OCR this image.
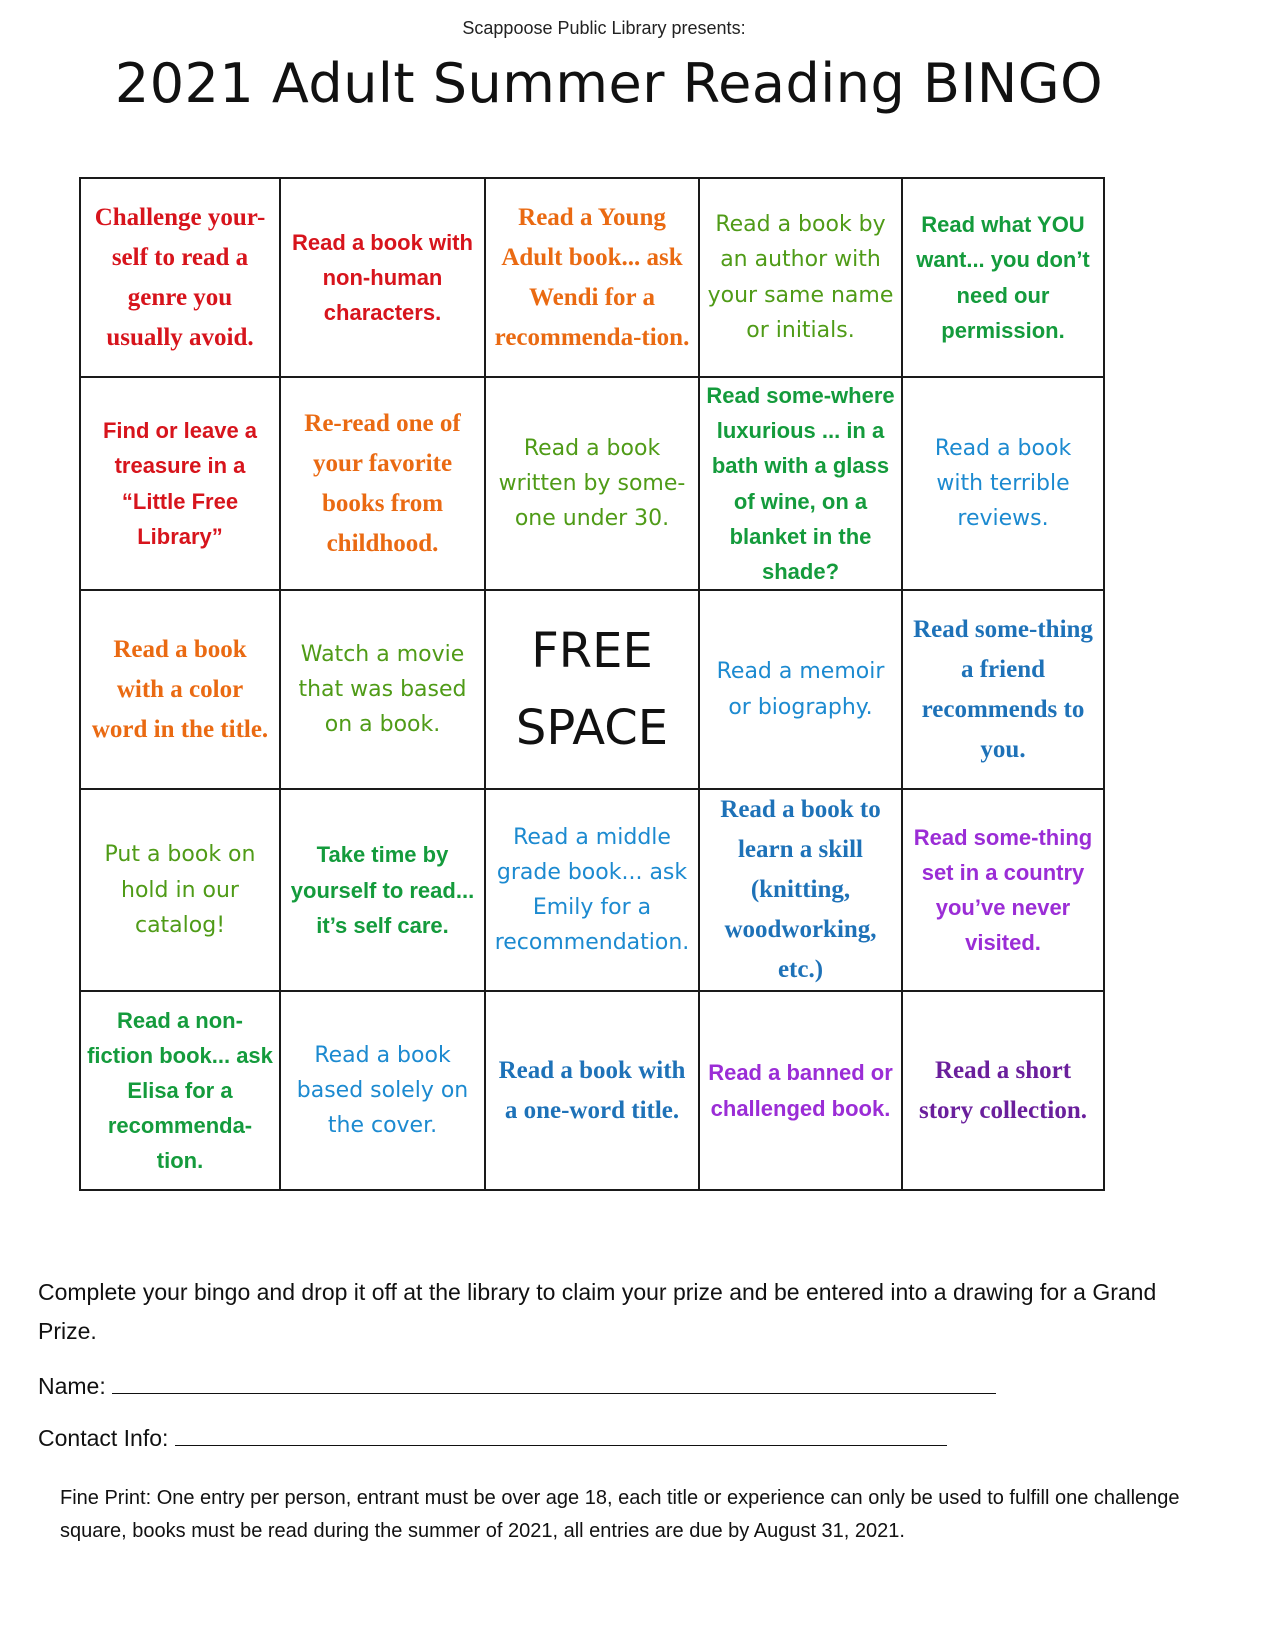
Scappoose Public Library presents:
2021 Adult Summer Reading BINGO
Challenge your-self to read a genre you usually avoid.	Read a book with non-human characters.	Read a Young Adult book... ask Wendi for a recommenda-tion.	Read a book by an author with your same name or initials.	Read what YOU want... you don’t need our permission.
Find or leave a treasure in a “Little Free Library”	Re-read one of your favorite books from childhood.	Read a book written by some-one under 30.	Read some-where luxurious ... in a bath with a glass of wine, on a blanket in the shade?	Read a book with terrible reviews.
Read a book with a color word in the title.	Watch a movie that was based on a book.	FREE SPACE	Read a memoir or biography.	Read some-thing a friend recommends to you.
Put a book on hold in our catalog!	Take time by yourself to read... it’s self care.	Read a middle grade book... ask Emily for a recommendation.	Read a book to learn a skill (knitting, woodworking, etc.)	Read some-thing set in a country you’ve never visited.
Read a non-fiction book... ask Elisa for a recommenda-tion.	Read a book based solely on the cover.	Read a book with a one-word title.	Read a banned or challenged book.	Read a short story collection.
Complete your bingo and drop it off at the library to claim your prize and be entered into a drawing for a Grand Prize.
Name:
Contact Info:
Fine Print: One entry per person, entrant must be over age 18, each title or experience can only be used to fulfill one challenge square, books must be read during the summer of 2021, all entries are due by August 31, 2021.
